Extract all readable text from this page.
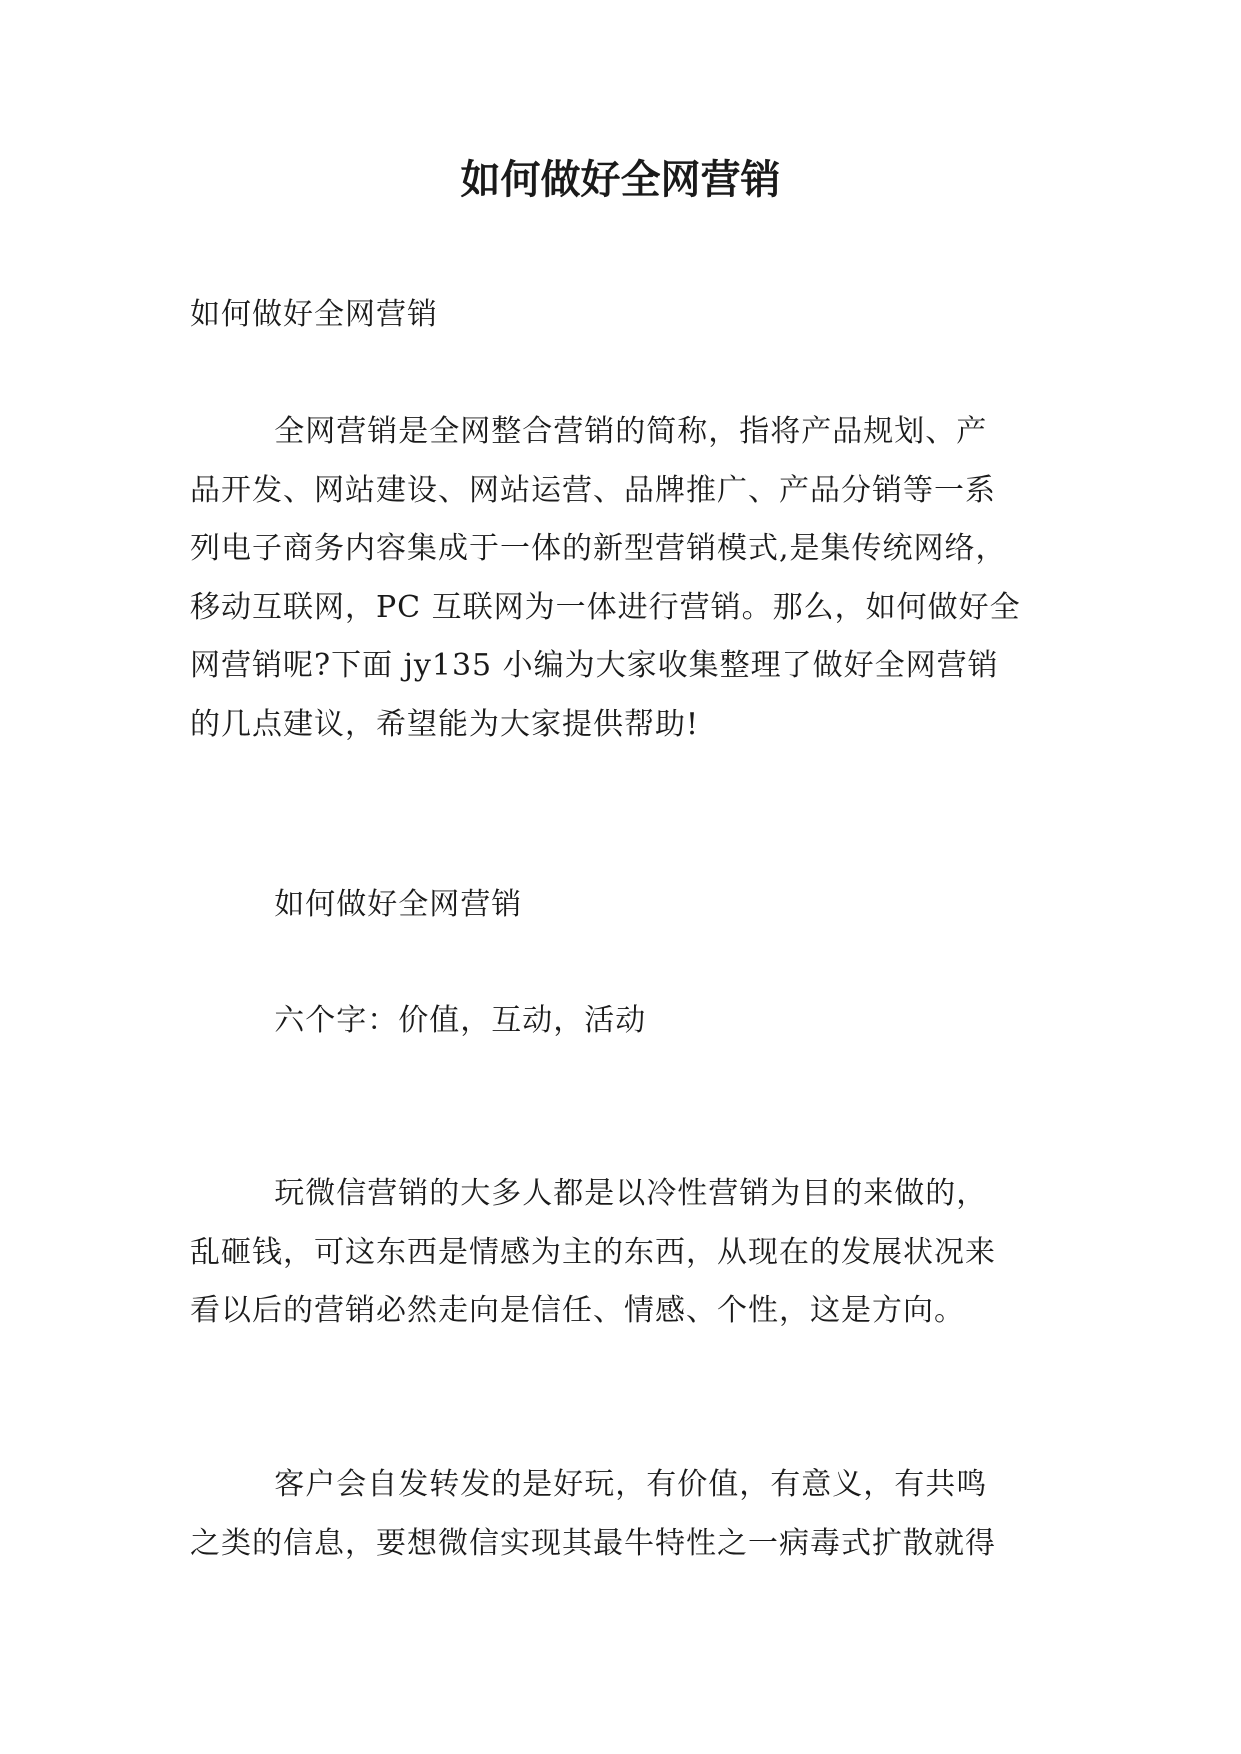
如何做好全网营销

如何做好全网营销

全网营销是全网整合营销的简称，指将产品规划、产
品开发、网站建设、网站运营、品牌推广、产品分销等一系
列电子商务内容集成于一体的新型营销模式,是集传统网络，
移动互联网，PC 互联网为一体进行营销。那么，如何做好全
网营销呢?下面 jy135 小编为大家收集整理了做好全网营销
的几点建议，希望能为大家提供帮助!

如何做好全网营销

六个字：价值，互动，活动

玩微信营销的大多人都是以冷性营销为目的来做的，
乱砸钱，可这东西是情感为主的东西，从现在的发展状况来
看以后的营销必然走向是信任、情感、个性，这是方向。

客户会自发转发的是好玩，有价值，有意义，有共鸣
之类的信息，要想微信实现其最牛特性之一病毒式扩散就得
